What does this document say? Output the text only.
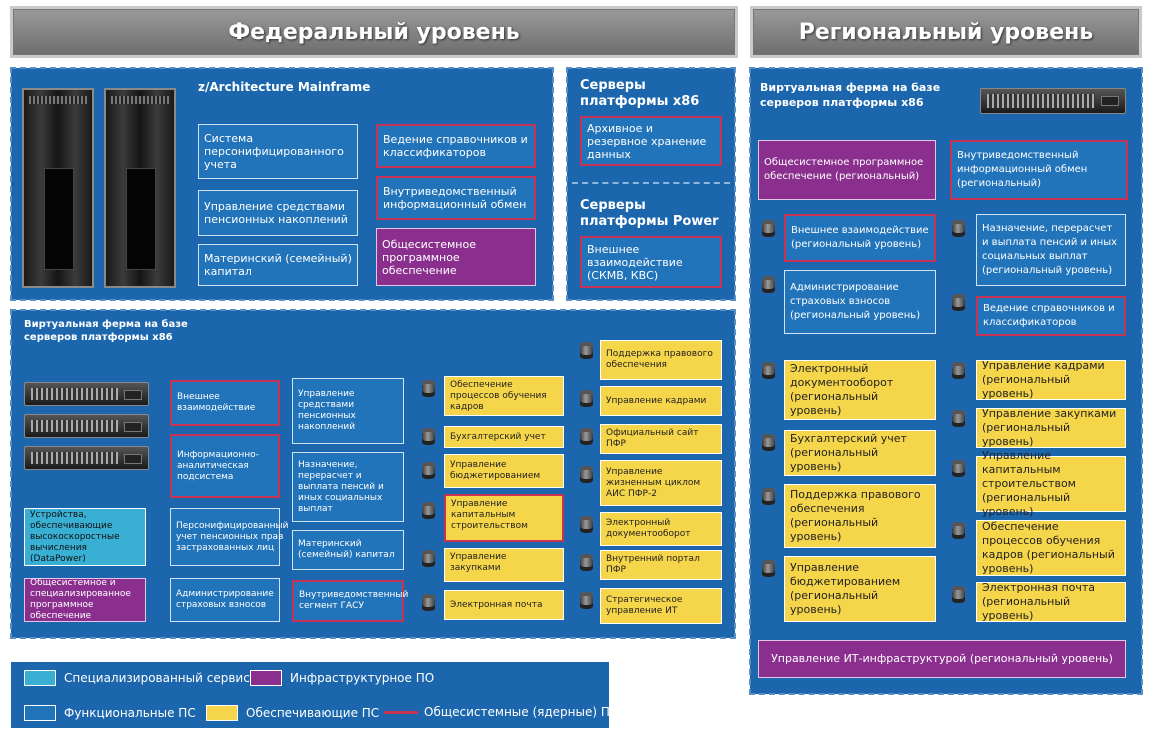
Федеральный уровень	Региональный уровень
z/Architecture Mainframe
Система персонифицированного учета
Управление средствами пенсионных накоплений
Материнский (семейный) капитал
Ведение справочников и классификаторов
Внутриведомственный информационный обмен
Общесистемное программное обеспечение
Серверы платформы x86
Архивное и резервное хранение данных
Серверы платформы Power
Внешнее взаимодействие (СКМВ, КВС)
Виртуальная ферма на базе серверов платформы x86
Устройства, обеспечивающие высокоскоростные вычисления (DataPower)
Общесистемное и специализированное программное обеспечение
Внешнее взаимодействие
Информационно-аналитическая подсистема
Персонифицированный учет пенсионных прав застрахованных лиц
Администрирование страховых взносов
Управление средствами пенсионных накоплений
Назначение, перерасчет и выплата пенсий и иных социальных выплат
Материнский (семейный) капитал
Внутриведомственный сегмент ГАСУ
Обеспечение процессов обучения кадров
Бухгалтерский учет
Управление бюджетированием
Управление капитальным строительством
Управление закупками
Электронная почта
Поддержка правового обеспечения
Управление кадрами
Официальный сайт ПФР
Управление жизненным циклом АИС ПФР-2
Электронный документооборот
Внутренний портал ПФР
Стратегическое управление ИТ
Специализированный сервис	Инфраструктурное ПО
Функциональные ПС	Обеспечивающие ПС	Общесистемные (ядерные) ПС
Виртуальная ферма на базе серверов платформы x86
Общесистемное программное обеспечение (региональный)
Внутриведомственный информационный обмен (региональный)
Внешнее взаимодействие (региональный уровень)
Администрирование страховых взносов (региональный уровень)
Назначение, перерасчет и выплата пенсий и иных социальных выплат (региональный уровень)
Ведение справочников и классификаторов
Электронный документооборот (региональный уровень)
Бухгалтерский учет (региональный уровень)
Поддержка правового обеспечения (региональный уровень)
Управление бюджетированием (региональный уровень)
Управление кадрами (региональный уровень)
Управление закупками (региональный уровень)
Управление капитальным строительством (региональный уровень)
Обеспечение процессов обучения кадров (региональный уровень)
Электронная почта (региональный уровень)
Управление ИТ-инфраструктурой (региональный уровень)
